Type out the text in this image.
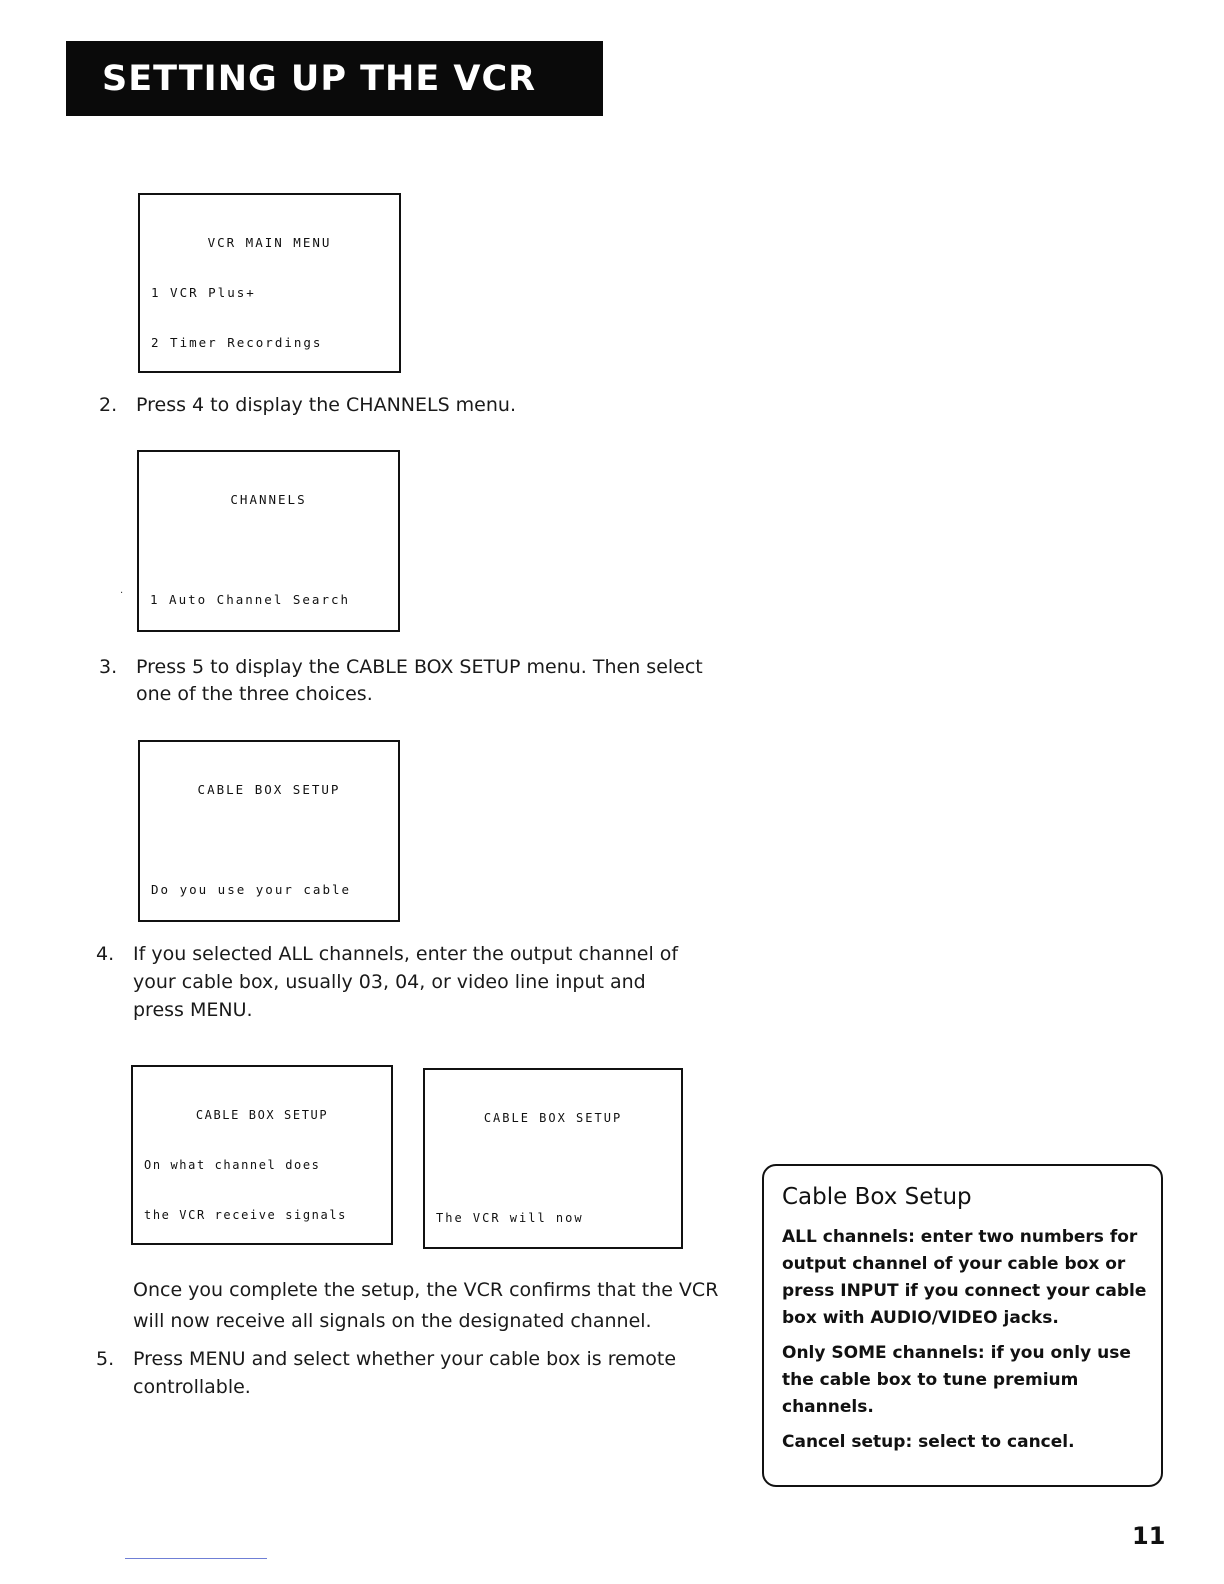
SETTING UP THE VCR

VCR MAIN MENU

1 VCR Plus+

2 Timer Recordings

2. Press 4 to display the CHANNELS menu.

CHANNELS

1 Auto Channel Search

·
3. Press 5 to display the CABLE BOX SETUP menu. Then select
one of the three choices.

CABLE BOX SETUP

Do you use your cable

4. If you selected ALL channels, enter the output channel of
your cable box, usually 03, 04, or video line input and
press MENU.

CABLE BOX SETUP

On what channel does

the VCR receive signals

CABLE BOX SETUP

The VCR will now

Once you complete the setup, the VCR confirms that the VCR
will now receive all signals on the designated channel.
5. Press MENU and select whether your cable box is remote
controllable.
Cable Box Setup

ALL channels: enter two numbers for output channel of your cable box or press INPUT if you connect your cable box with AUDIO/VIDEO jacks.

Only SOME channels: if you only use the cable box to tune premium channels.

Cancel setup: select to cancel.

11
